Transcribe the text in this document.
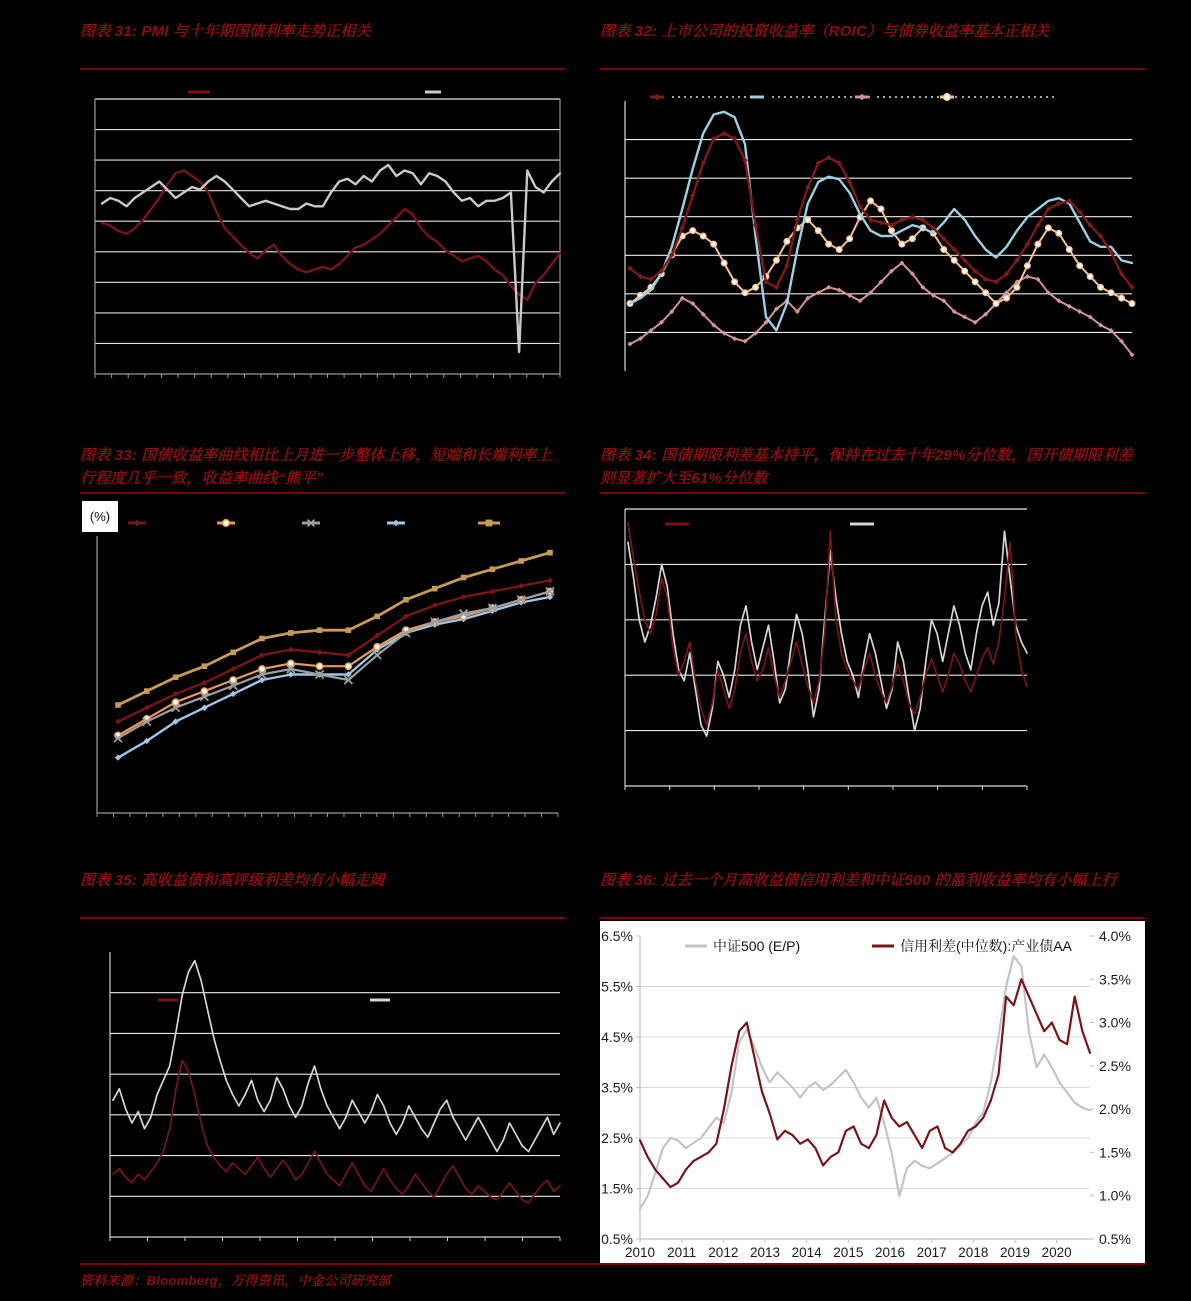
图表 31: PMI 与十年期国债利率走势正相关	图表 32: 上市公司的投资收益率（ROIC）与债券收益率基本正相关
图表 33: 国债收益率曲线相比上月进一步整体上移，短端和长端利率上行程度几乎一致，收益率曲线“熊平”
(%)
图表 34: 国债期限利差基本持平，保持在过去十年29%分位数，国开债期限利差则显著扩大至61%分位数
图表 35: 高收益债和高评级利差均有小幅走阔	图表 36: 过去一个月高收益债信用利差和中证500 的盈利收益率均有小幅上行
6.5%
5.5%
4.5%
3.5%
2.5%
1.5%
0.5%
4.0%
3.5%
3.0%
2.5%
2.0%
1.5%
1.0%
0.5%
2010 2011 2012 2013 2014 2015 2016 2017 2018 2019 2020
中证500 (E/P)	信用利差(中位数):产业债AA
资料来源：Bloomberg，万得资讯，中金公司研究部
